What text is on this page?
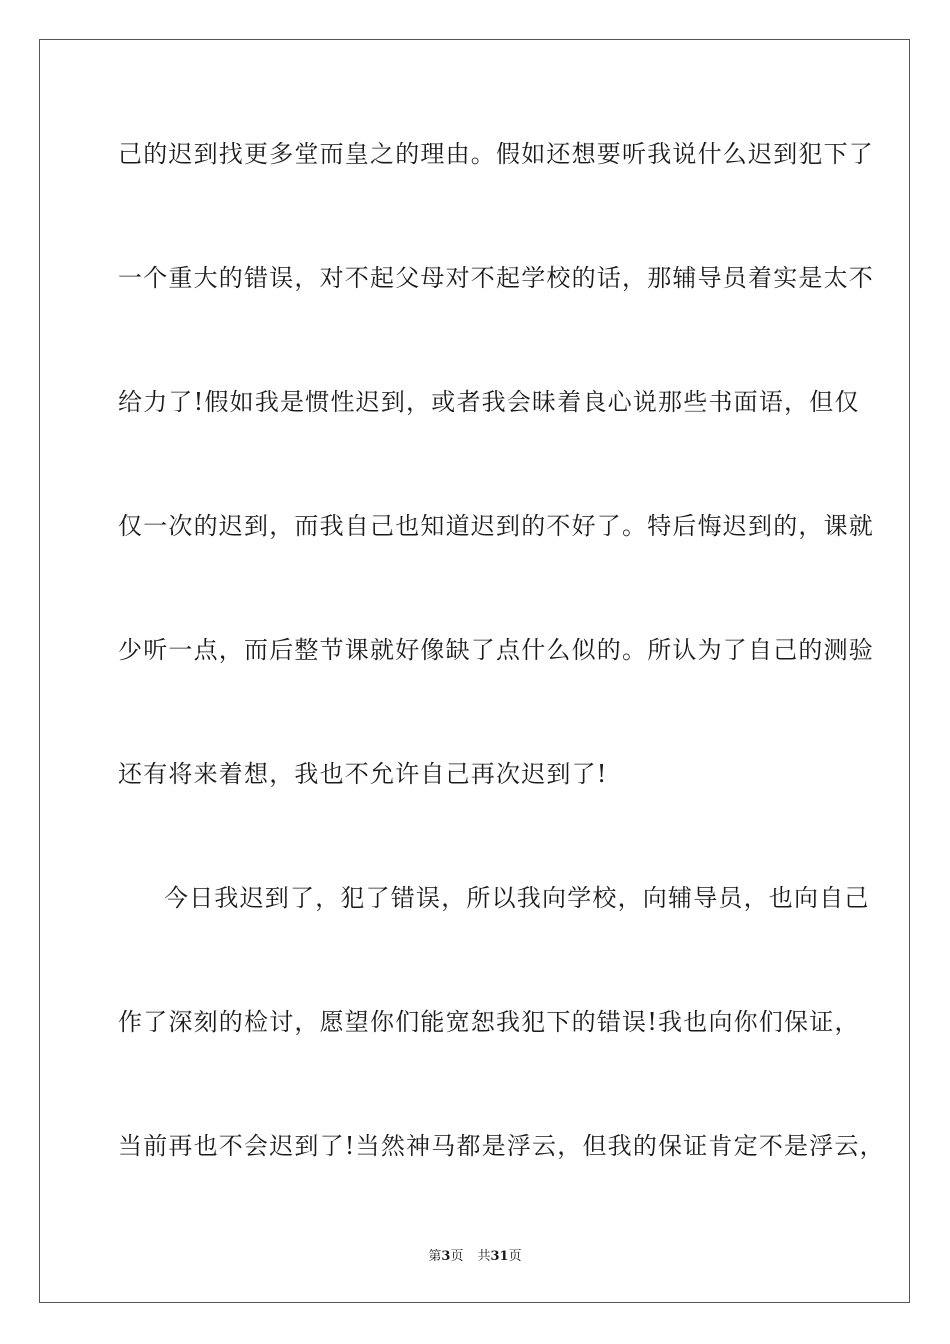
己的迟到找更多堂而皇之的理由。假如还想要听我说什么迟到犯下了
一个重大的错误，对不起父母对不起学校的话，那辅导员着实是太不
给力了!假如我是惯性迟到，或者我会昧着良心说那些书面语，但仅
仅一次的迟到，而我自己也知道迟到的不好了。特后悔迟到的，课就
少听一点，而后整节课就好像缺了点什么似的。所认为了自己的测验
还有将来着想，我也不允许自己再次迟到了!
今日我迟到了，犯了错误，所以我向学校，向辅导员，也向自己
作了深刻的检讨，愿望你们能宽恕我犯下的错误!我也向你们保证，
当前再也不会迟到了!当然神马都是浮云，但我的保证肯定不是浮云，
第3页 共31页
